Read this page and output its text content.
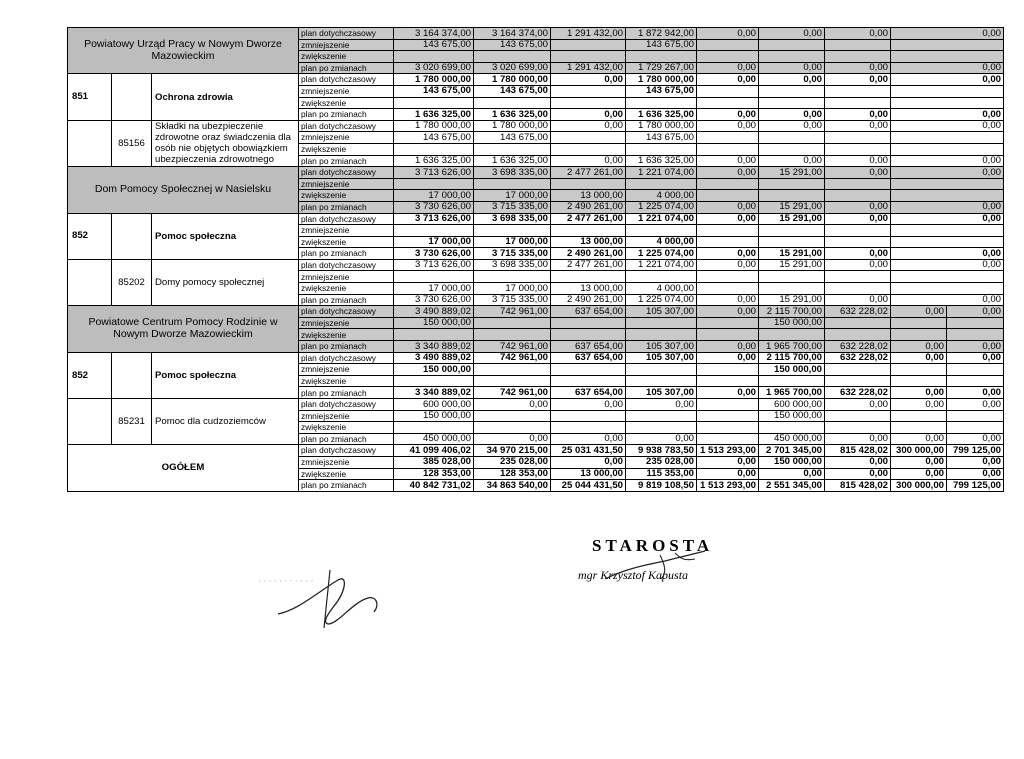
Powiatowy Urząd Pracy w Nowym Dworze Mazowieckim			plan dotychczasowy	3 164 374,00	3 164 374,00	1 291 432,00	1 872 942,00	0,00	0,00	0,00	0,00	
			zmniejszenie	143 675,00	143 675,00		143 675,00					
			zwiększenie									
			plan po zmianach	3 020 699,00	3 020 699,00	1 291 432,00	1 729 267,00	0,00	0,00	0,00	0,00	
851		Ochrona zdrowia	plan dotychczasowy	1 780 000,00	1 780 000,00	0,00	1 780 000,00	0,00	0,00	0,00	0,00	
			zmniejszenie	143 675,00	143 675,00		143 675,00					
			zwiększenie									
			plan po zmianach	1 636 325,00	1 636 325,00	0,00	1 636 325,00	0,00	0,00	0,00	0,00	
	85156	Składki na ubezpieczenie zdrowotne oraz świadczenia dla osób nie objętych obowiązkiem ubezpieczenia zdrowotnego	plan dotychczasowy	1 780 000,00	1 780 000,00	0,00	1 780 000,00	0,00	0,00	0,00	0,00	
			zmniejszenie	143 675,00	143 675,00		143 675,00					
			zwiększenie									
			plan po zmianach	1 636 325,00	1 636 325,00	0,00	1 636 325,00	0,00	0,00	0,00	0,00	
Dom Pomocy Społecznej w Nasielsku			plan dotychczasowy	3 713 626,00	3 698 335,00	2 477 261,00	1 221 074,00	0,00	15 291,00	0,00	0,00	
			zmniejszenie									
			zwiększenie	17 000,00	17 000,00	13 000,00	4 000,00					
			plan po zmianach	3 730 626,00	3 715 335,00	2 490 261,00	1 225 074,00	0,00	15 291,00	0,00	0,00	
852		Pomoc społeczna	plan dotychczasowy	3 713 626,00	3 698 335,00	2 477 261,00	1 221 074,00	0,00	15 291,00	0,00	0,00	
			zmniejszenie									
			zwiększenie	17 000,00	17 000,00	13 000,00	4 000,00					
			plan po zmianach	3 730 626,00	3 715 335,00	2 490 261,00	1 225 074,00	0,00	15 291,00	0,00	0,00	
	85202	Domy pomocy społecznej	plan dotychczasowy	3 713 626,00	3 698 335,00	2 477 261,00	1 221 074,00	0,00	15 291,00	0,00	0,00	
			zmniejszenie									
			zwiększenie	17 000,00	17 000,00	13 000,00	4 000,00					
			plan po zmianach	3 730 626,00	3 715 335,00	2 490 261,00	1 225 074,00	0,00	15 291,00	0,00	0,00	
Powiatowe Centrum Pomocy Rodzinie w Nowym Dworze Mazowieckim			plan dotychczasowy	3 490 889,02	742 961,00	637 654,00	105 307,00	0,00	2 115 700,00	632 228,02	0,00	0,00
			zmniejszenie	150 000,00					150 000,00			
			zwiększenie									
			plan po zmianach	3 340 889,02	742 961,00	637 654,00	105 307,00	0,00	1 965 700,00	632 228,02	0,00	0,00
852		Pomoc społeczna	plan dotychczasowy	3 490 889,02	742 961,00	637 654,00	105 307,00	0,00	2 115 700,00	632 228,02	0,00	0,00
			zmniejszenie	150 000,00					150 000,00			
			zwiększenie									
			plan po zmianach	3 340 889,02	742 961,00	637 654,00	105 307,00	0,00	1 965 700,00	632 228,02	0,00	0,00
	85231	Pomoc dla cudzoziemców	plan dotychczasowy	600 000,00	0,00	0,00	0,00		600 000,00	0,00	0,00	0,00
			zmniejszenie	150 000,00					150 000,00			
			zwiększenie									
			plan po zmianach	450 000,00	0,00	0,00	0,00		450 000,00	0,00	0,00	0,00
OGÓŁEM			plan dotychczasowy	41 099 406,02	34 970 215,00	25 031 431,50	9 938 783,50	1 513 293,00	2 701 345,00	815 428,02	300 000,00	799 125,00
			zmniejszenie	385 028,00	235 028,00	0,00	235 028,00	0,00	150 000,00	0,00	0,00	0,00
			zwiększenie	128 353,00	128 353,00	13 000,00	115 353,00	0,00	0,00	0,00	0,00	0,00
			plan po zmianach	40 842 731,02	34 863 540,00	25 044 431,50	9 819 108,50	1 513 293,00	2 551 345,00	815 428,02	300 000,00	799 125,00
STAROSTA
mgr Krzysztof Kapusta
· · · · · · · · · · ·
